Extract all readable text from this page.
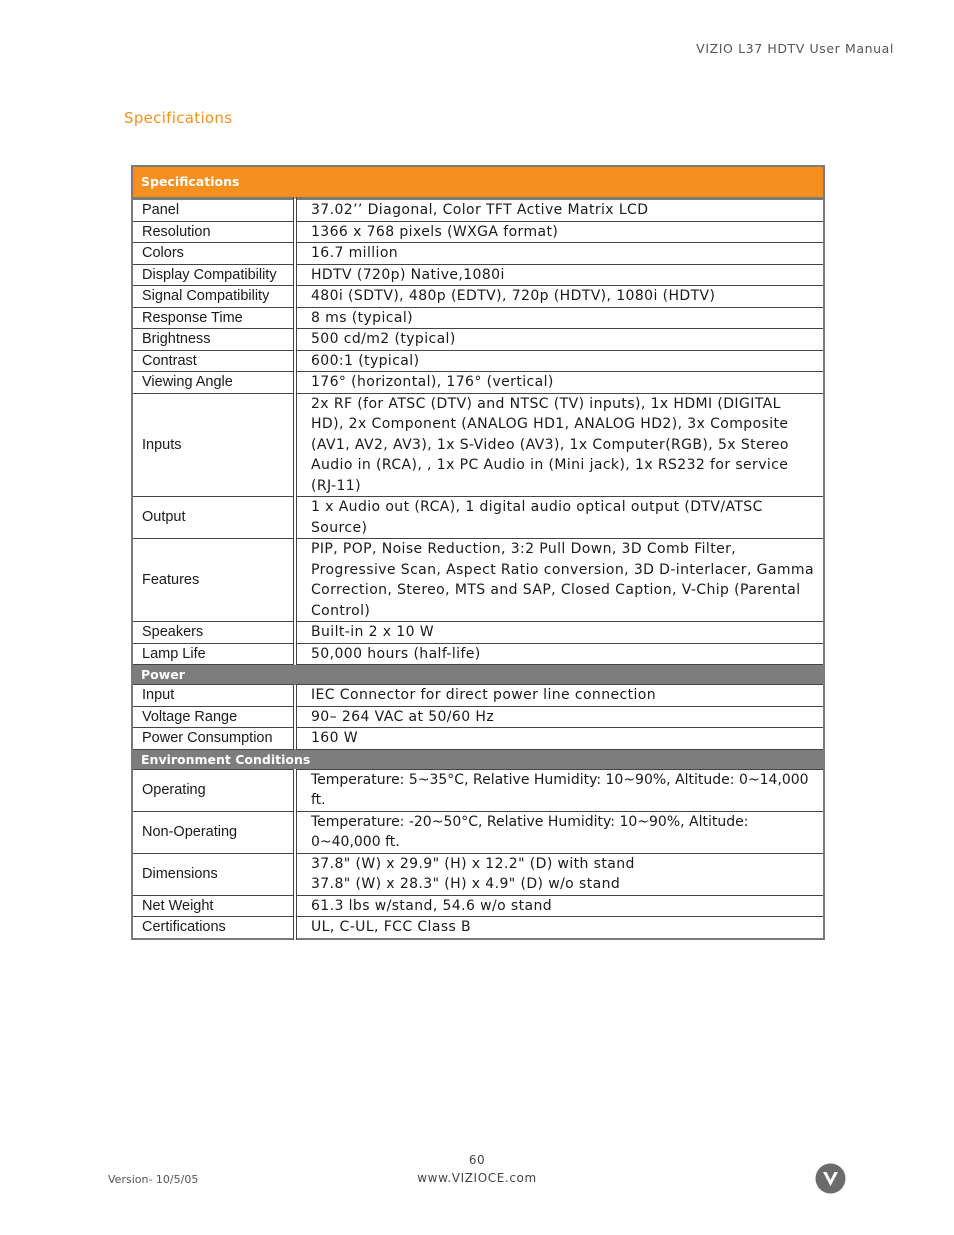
VIZIO L37 HDTV User Manual
Specifications
Specifications	
Panel	37.02’’ Diagonal, Color TFT Active Matrix LCD
Resolution	1366 x 768 pixels (WXGA format)
Colors	16.7 million
Display Compatibility	HDTV (720p) Native,1080i
Signal Compatibility	480i (SDTV), 480p (EDTV), 720p (HDTV), 1080i (HDTV)
Response Time	8 ms (typical)
Brightness	500 cd/m2 (typical)
Contrast	600:1 (typical)
Viewing Angle	176° (horizontal), 176° (vertical)
Inputs	2x RF (for ATSC (DTV) and NTSC (TV) inputs), 1x HDMI (DIGITAL HD), 2x Component (ANALOG HD1, ANALOG HD2), 3x Composite (AV1, AV2, AV3), 1x S-Video (AV3), 1x Computer(RGB), 5x Stereo Audio in (RCA), , 1x PC Audio in (Mini jack), 1x RS232 for service (RJ-11)
Output	1 x Audio out (RCA), 1 digital audio optical output (DTV/ATSC Source)
Features	PIP, POP, Noise Reduction, 3:2 Pull Down, 3D Comb Filter, Progressive Scan, Aspect Ratio conversion, 3D D-interlacer, Gamma Correction, Stereo, MTS and SAP, Closed Caption, V-Chip (Parental Control)
Speakers	Built-in 2 x 10 W
Lamp Life	50,000 hours (half-life)
Power	
Input	IEC Connector for direct power line connection
Voltage Range	90– 264 VAC at 50/60 Hz
Power Consumption	160 W
Environment Conditions	
Operating	Temperature: 5~35°C, Relative Humidity: 10~90%, Altitude: 0~14,000 ft.
Non-Operating	Temperature: -20~50°C, Relative Humidity: 10~90%, Altitude: 0~40,000 ft.
Dimensions	37.8" (W) x 29.9" (H) x 12.2" (D) with stand
37.8" (W) x 28.3" (H) x 4.9" (D) w/o stand

Net Weight	61.3 lbs w/stand, 54.6 w/o stand
Certifications	UL, C-UL, FCC Class B
60
Version- 10/5/05	www.VIZIOCE.com
